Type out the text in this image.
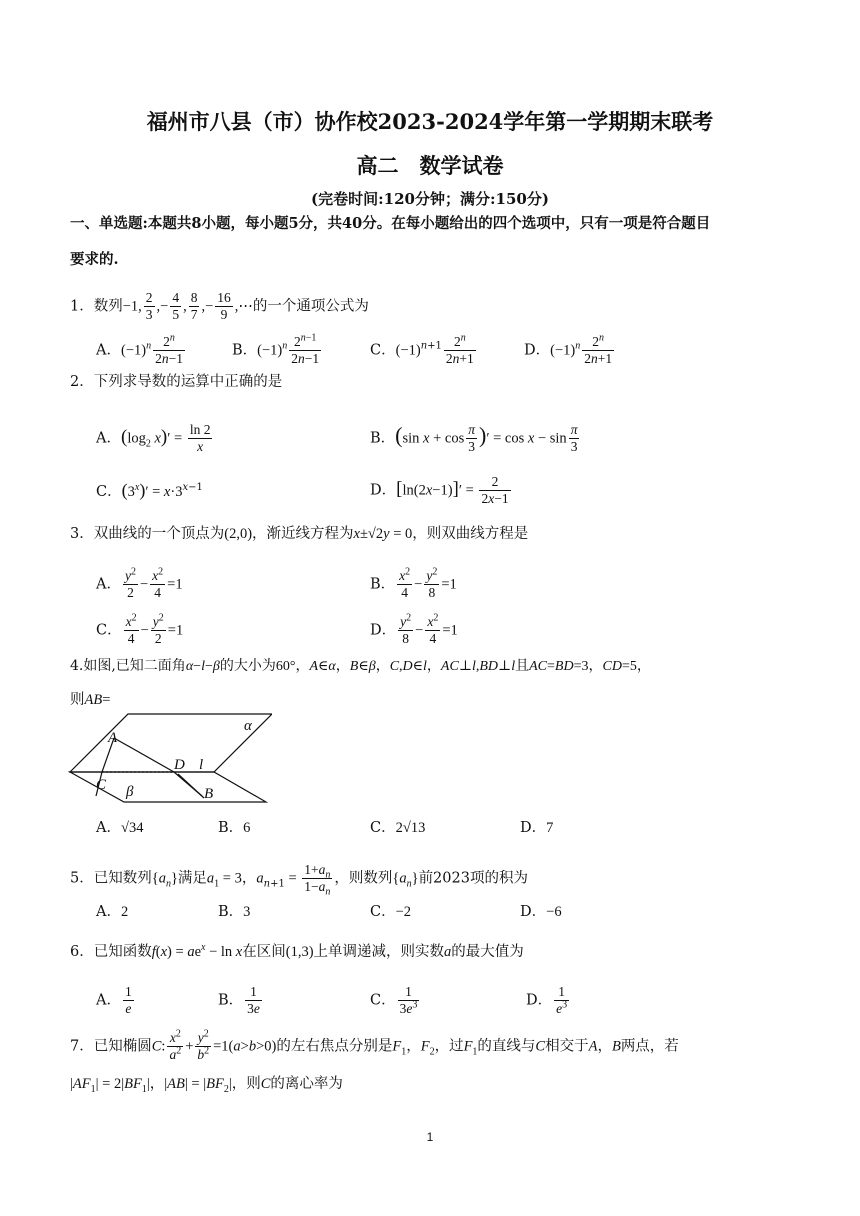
福州市八县（市）协作校2023-2024学年第一学期期末联考
高二　数学试卷
(完卷时间:120分钟；满分:150分)
一、单选题:本题共8小题，每小题5分，共40分。在每小题给出的四个选项中，只有一项是符合题目
要求的.
1．数列−1, $\frac{2}{3}$ ,− $\frac{4}{5}$ , $\frac{8}{7}$ ,− $\frac{16}{9}$ ,⋯的一个通项公式为
A．$(-1)^n \frac{2^n}{2n-1}$	B．$(-1)^n \frac{2^{n-1}}{2n-1}$	C．$(-1)^{n+1} \frac{2^n}{2n+1}$	D．$(-1)^n \frac{2^n}{2n+1}$
2．下列求导数的运算中正确的是
A．($\log_2$ $x)' = \frac{\ln 2}{x}$	B．(sin $x + \cos \frac{\pi}{3}$ )′ = $\cos x - \sin \frac{\pi}{3}$
C．$(3^x)' = x\cdot 3^{x-1}$	D．$[\ln(2x-1)]' = \frac{2}{2x-1}$
3．双曲线的一个顶点为(2,0)，渐近线方程为x±√2y = 0，则双曲线方程是
A． $\frac{y^2}{2} - \frac{x^2}{4} =1$	B． $\frac{x^2}{4} - \frac{y^2}{8} =1$
C． $\frac{x^2}{4} - \frac{y^2}{2} =1$	D． $\frac{y^2}{8} - \frac{x^2}{4} =1$
4.如图,已知二面角α−l−β的大小为60°，A∈α，B∈β，C,D∈l，AC⊥l,BD⊥l且AC=BD=3，CD=5，
则AB=
A
C
D l
β	B
α
A．√34	B．6	C．2√13	D．7
5．已知数列$\{a_n\}$满足$a_1 = 3$，$a_{n+1} = \frac{1+a_n}{1-a_n}$ ，则数列$\{a_n\}$前2023项的积为
A．2	B．3	C．−2	D．−6
6．已知函数$f(x) = ae^x - \ln x$在区间(1,3)上单调递减，则实数a的最大值为
A． $\frac{1}{e}$	B． $\frac{1}{3e}$	C． $\frac{1}{3e^3}$	D． $\frac{1}{e^3}$
7．已知椭圆C: $\frac{x^2}{a^2} + \frac{y^2}{b^2} =1(a>b>0)$的左右焦点分别是$F_1$，$F_2$，过$F_1$的直线与C相交于A，B两点，若
$|AF_1| = 2|BF_1|$，$|AB| = |BF_2|$，则C的离心率为
1
